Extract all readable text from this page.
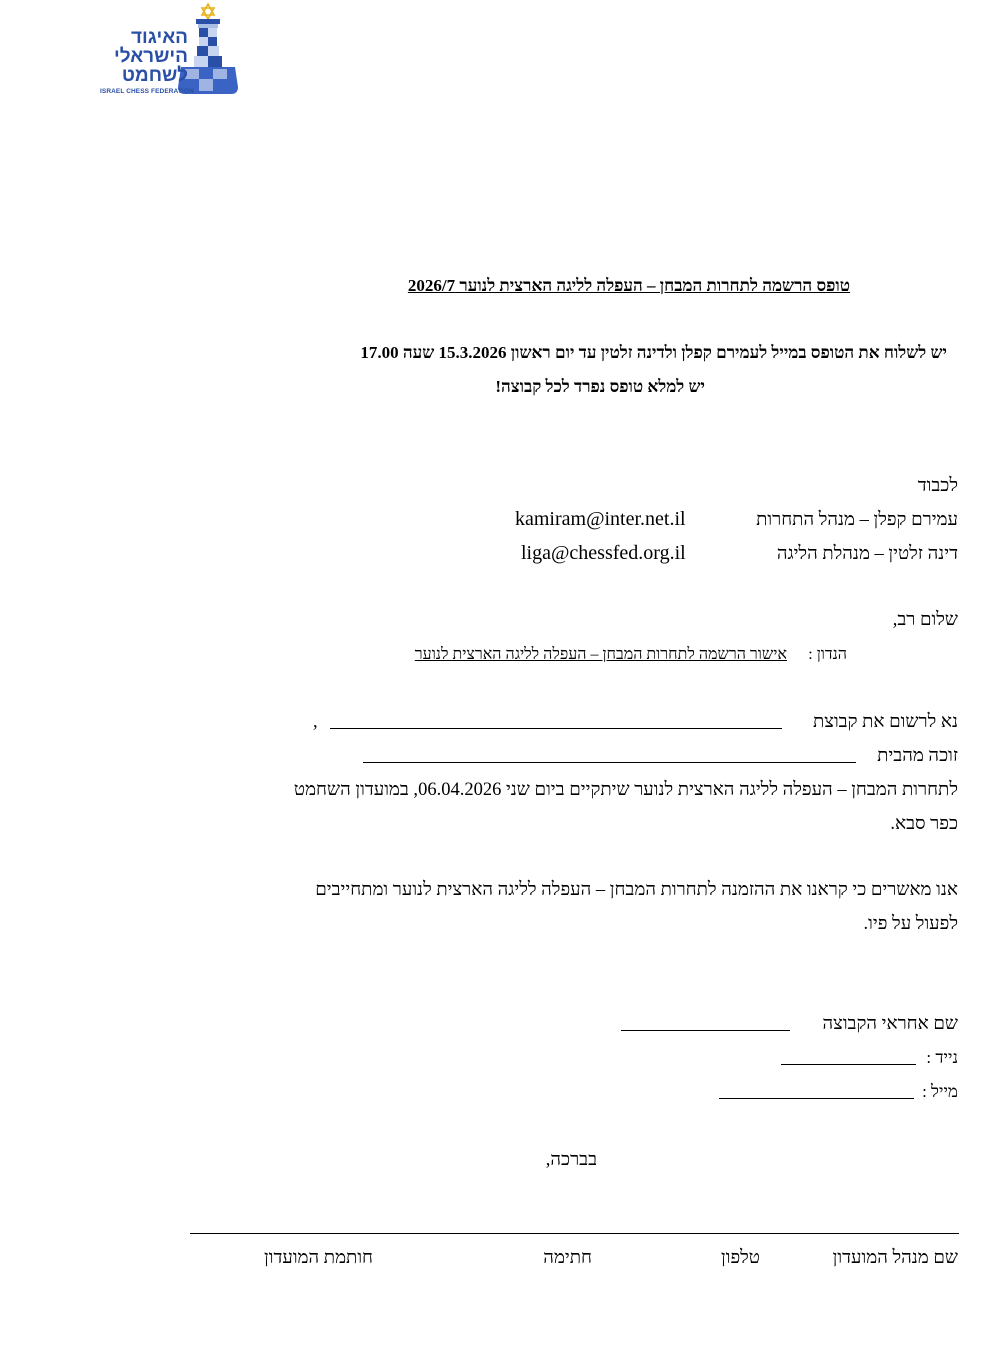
האיגוד
הישראלי
לשחמט
ISRAEL CHESS FEDERATION
טופס הרשמה לתחרות המבחן – העפלה לליגה הארצית לנוער 2026/7
יש לשלוח את הטופס במייל לעמירם קפלן ולדינה זלטין עד יום ראשון 15.3.2026 שעה 17.00
יש למלא טופס נפרד לכל קבוצה!
לכבוד
עמירם קפלן – מנהל התחרות
kamiram@inter.net.il
דינה זלטין – מנהלת הליגה
liga@chessfed.org.il
שלום רב,
הנדון :
אישור הרשמה לתחרות המבחן – העפלה לליגה הארצית לנוער
נא לרשום את קבוצת
,
זוכה מהבית
לתחרות המבחן – העפלה לליגה הארצית לנוער שיתקיים ביום שני 06.04.2026, במועדון השחמט
כפר סבא.
אנו מאשרים כי קראנו את ההזמנה לתחרות המבחן – העפלה לליגה הארצית לנוער ומתחייבים
לפעול על פיו.
שם אחראי הקבוצה
נייד :
מייל :
בברכה,
שם מנהל המועדון
טלפון
חתימה
חותמת המועדון
